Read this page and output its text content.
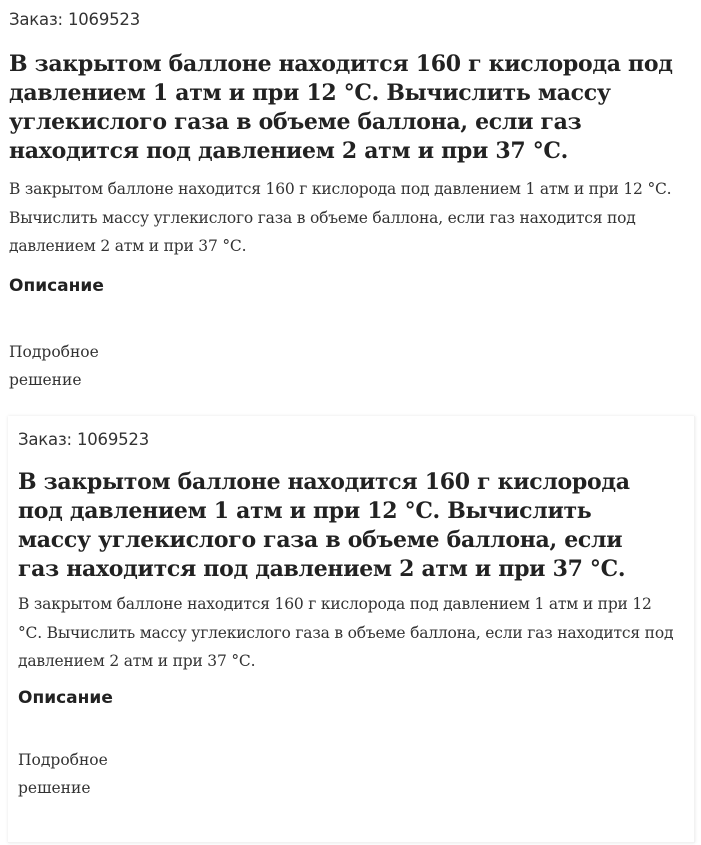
Заказ: 1069523
В закрытом баллоне находится 160 г кислорода под давлением 1 атм и при 12 °С. Вычислить массу углекислого газа в объеме баллона, если газ находится под давлением 2 атм и при 37 °С.

В закрытом баллоне находится 160 г кислорода под давлением 1 атм и при 12 °С. Вычислить массу углекислого газа в объеме баллона, если газ находится под давлением 2 атм и при 37 °С.

Описание
Подробное решение
Заказ: 1069523
В закрытом баллоне находится 160 г кислорода под давлением 1 атм и при 12 °С. Вычислить массу углекислого газа в объеме баллона, если газ находится под давлением 2 атм и при 37 °С.

В закрытом баллоне находится 160 г кислорода под давлением 1 атм и при 12 °С. Вычислить массу углекислого газа в объеме баллона, если газ находится под давлением 2 атм и при 37 °С.

Описание
Подробное решение
